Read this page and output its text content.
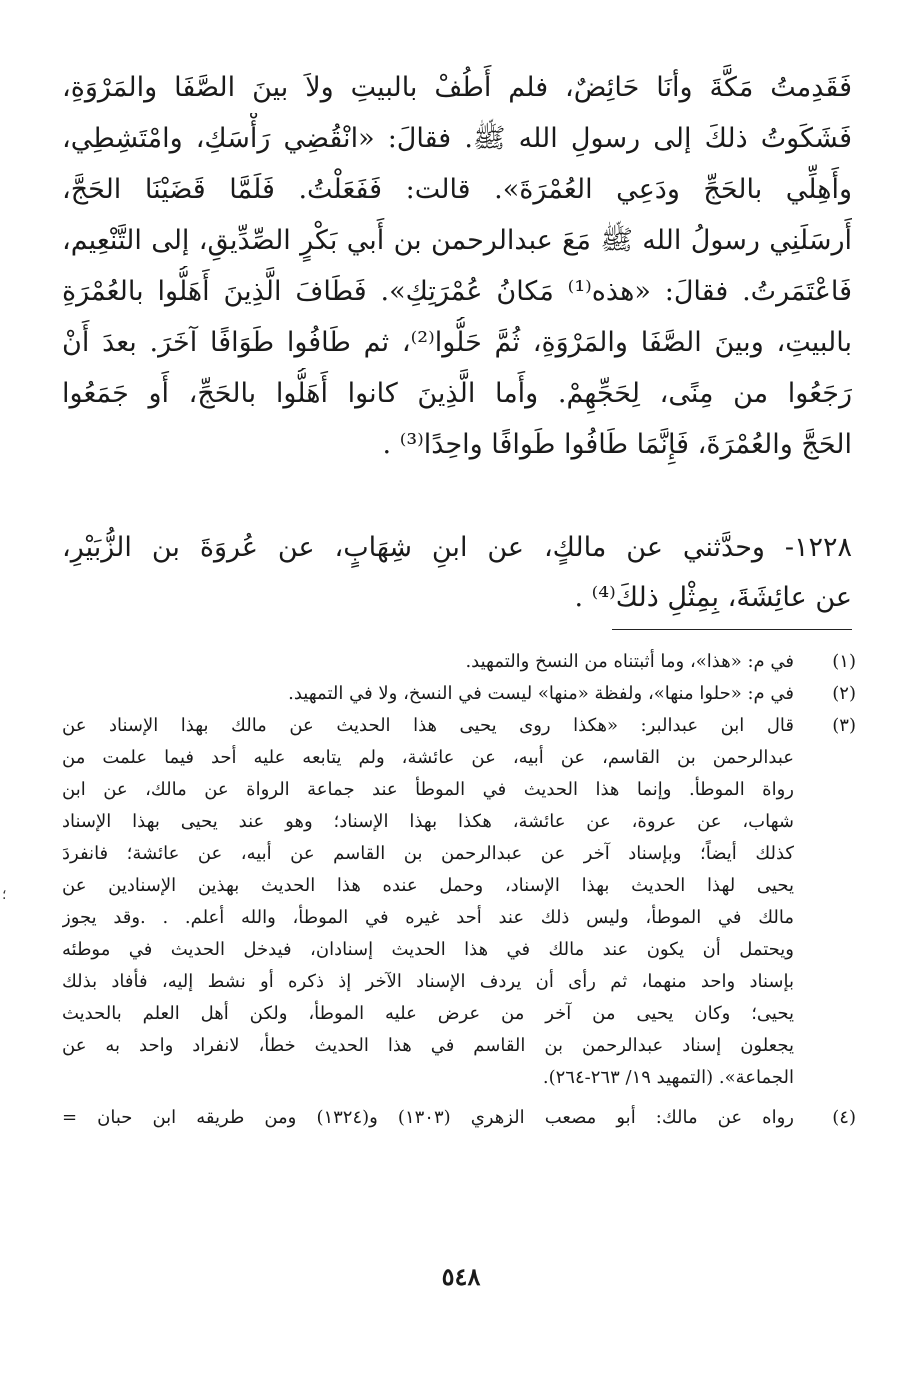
فَقَدِمتُ مَكَّةَ وأنَا حَائِضٌ، فلم أَطُفْ بالبيتِ ولاَ بينَ الصَّفَا والمَرْوَةِ،
فَشَكَوتُ ذلكَ إلى رسولِ الله ﷺ. فقالَ: «انْقُضِي رَأْسَكِ، وامْتَشِطِي،
وأَهِلِّي بالحَجِّ ودَعِي العُمْرَةَ». قالت: فَفَعَلْتُ. فَلَمَّا قَضَيْنَا الحَجَّ،
أَرسَلَنِي رسولُ الله ﷺ مَعَ عبدالرحمن بن أَبي بَكْرٍ الصِّدِّيقِ، إلى التَّنْعِيم،
فَاعْتَمَرتُ. فقالَ: «هذه⁽¹⁾ مَكانُ عُمْرَتِكِ». فَطَافَ الَّذِينَ أَهَلُّوا بالعُمْرَةِ
بالبيتِ، وبينَ الصَّفَا والمَرْوَةِ، ثُمَّ حَلُّوا⁽²⁾، ثم طَافُوا طَوَافًا آخَرَ. بعدَ أَنْ
رَجَعُوا من مِنًى، لِحَجِّهِمْ. وأَما الَّذِينَ كانوا أَهَلُّوا بالحَجِّ، أَو جَمَعُوا
الحَجَّ والعُمْرَةَ، فَإِنَّمَا طَافُوا طَوافًا واحِدًا⁽³⁾ .
١٢٢٨- وحدَّثني عن مالكٍ، عن ابنِ شِهَابٍ، عن عُروَةَ بن الزُّبَيْرِ،
عن عائِشَةَ، بِمِثْلِ ذلكَ⁽⁴⁾ .
(١)
في م: «هذا»، وما أثبتناه من النسخ والتمهيد.
(٢)
في م: «حلوا منها»، ولفظة «منها» ليست في النسخ، ولا في التمهيد.
(٣)
قال ابن عبدالبر: «هكذا روى يحيى هذا الحديث عن مالك بهذا الإسناد عن
عبدالرحمن بن القاسم، عن أبيه، عن عائشة، ولم يتابعه عليه أحد فيما علمت من
رواة الموطأ. وإنما هذا الحديث في الموطأ عند جماعة الرواة عن مالك، عن ابن
شهاب، عن عروة، عن عائشة، هكذا بهذا الإسناد؛ وهو عند يحيى بهذا الإسناد
كذلك أيضاً؛ وبإسناد آخر عن عبدالرحمن بن القاسم عن أبيه، عن عائشة؛ فانفردَ
يحيى لهذا الحديث بهذا الإسناد، وحمل عنده هذا الحديث بهذين الإسنادين عن
مالك في الموطأ، وليس ذلك عند أحد غيره في الموطأ، والله أعلم. . .وقد يجوز
ويحتمل أن يكون عند مالك في هذا الحديث إسنادان، فيدخل الحديث في موطئه
بإسناد واحد منهما، ثم رأى أن يردف الإسناد الآخر إذ ذكره أو نشط إليه، فأفاد بذلك
يحيى؛ وكان يحيى من آخر من عرض عليه الموطأ، ولكن أهل العلم بالحديث
يجعلون إسناد عبدالرحمن بن القاسم في هذا الحديث خطأ، لانفراد واحد به عن
الجماعة». (التمهيد ١٩/ ٢٦٣-٢٦٤).
(٤)
رواه عن مالك: أبو مصعب الزهري (١٣٠٣) و(١٣٢٤) ومن طريقه ابن حبان =
٥٤٨
؛
